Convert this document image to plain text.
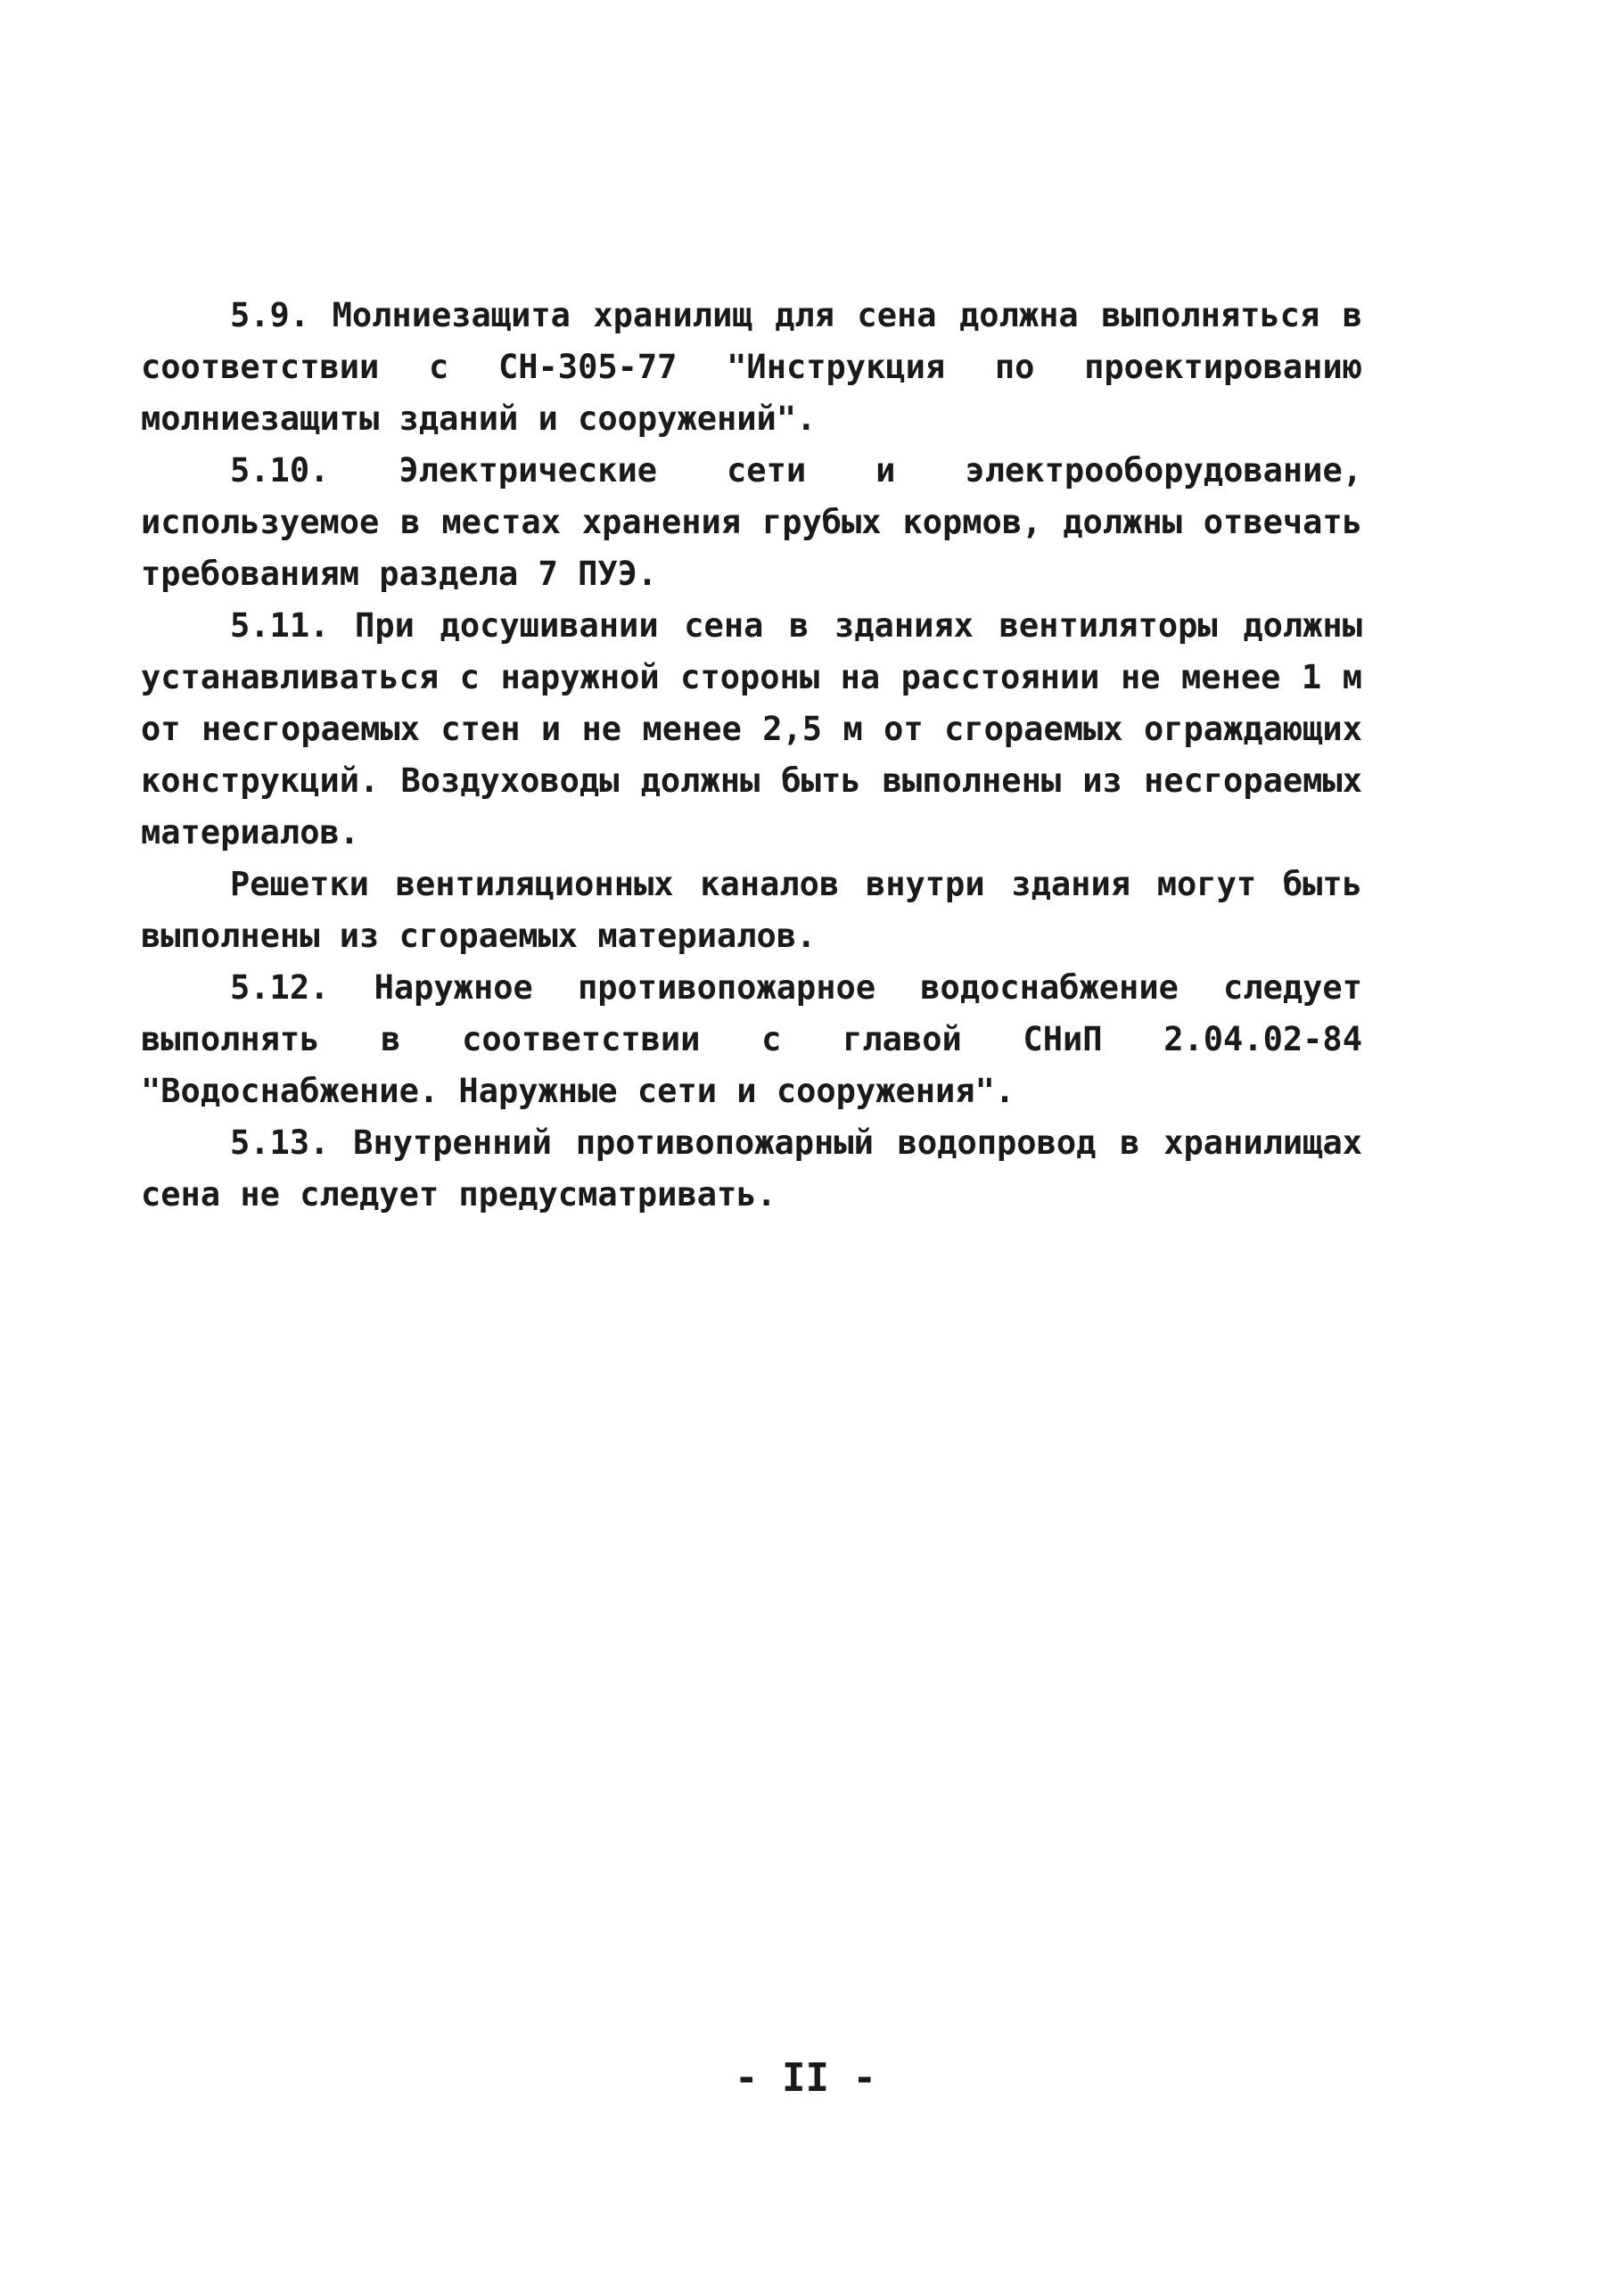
5.9. Молниезащита хранилищ для сена должна выполняться в соответствии с СН-305-77 "Инструкция по проектированию молниезащиты зданий и сооружений".

5.10. Электрические сети и электрооборудование, используемое в местах хранения грубых кормов, должны отвечать требованиям раздела 7 ПУЭ.

5.11. При досушивании сена в зданиях вентиляторы должны устанавливаться с наружной стороны на расстоянии не менее 1 м от несгораемых стен и не менее 2,5 м от сгораемых ограждающих конструкций. Воздуховоды должны быть выполнены из несгораемых материалов.

Решетки вентиляционных каналов внутри здания могут быть выполнены из сгораемых материалов.

5.12. Наружное противопожарное водоснабжение следует выполнять в соответствии с главой СНиП 2.04.02-84 "Водоснабжение. Наружные сети и сооружения".

5.13. Внутренний противопожарный водопровод в хранилищах сена не следует предусматривать.

- II -
